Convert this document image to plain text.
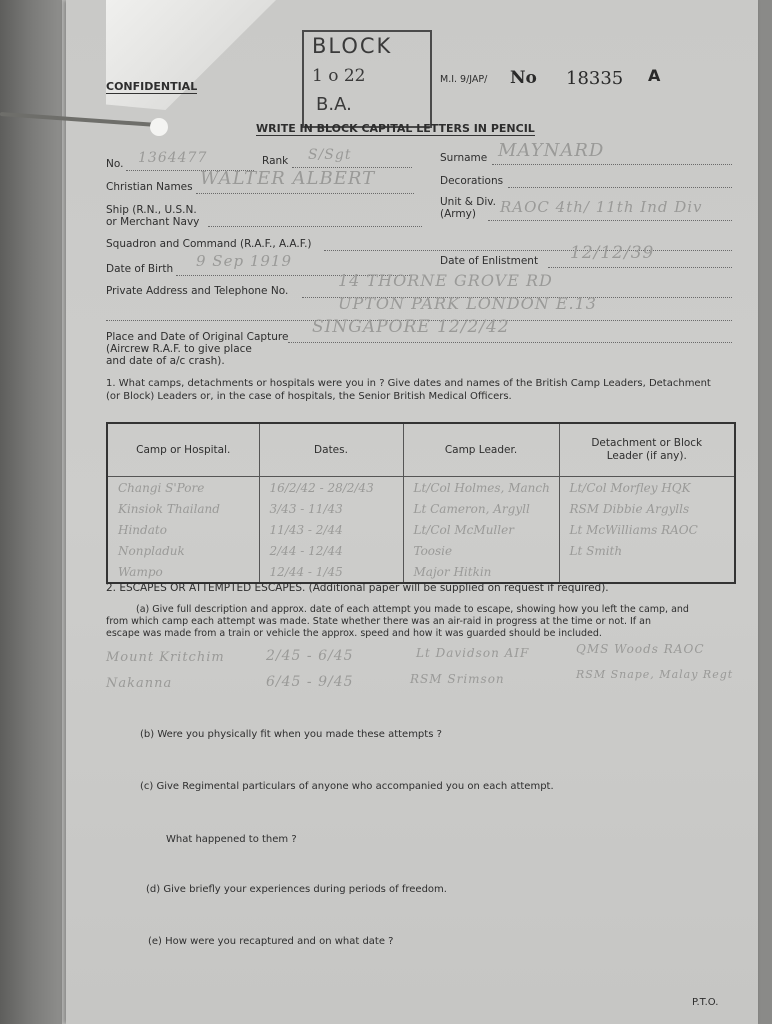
CONFIDENTIAL
BLOCK
1 o 22
B.A.
M.I. 9/JAP/ No 18335 A
WRITE IN BLOCK CAPITAL LETTERS IN PENCIL
No. 1364477	Rank S/Sgt	Surname MAYNARD
Christian Names WALTER ALBERT	Decorations
Ship (R.N., U.S.N.
or Merchant Navy
Unit & Div.
(Army) RAOC 4th/ 11th Ind Div
Squadron and Command (R.A.F., A.A.F.)
Date of Birth 9 Sep 1919	Date of Enlistment 12/12/39
Private Address and Telephone No.
14 THORNE GROVE RD
UPTON PARK LONDON E.13
Place and Date of Original Capture
(Aircrew R.A.F. to give place
and date of a/c crash).
SINGAPORE 12/2/42
1. What camps, detachments or hospitals were you in ? Give dates and names of the British Camp Leaders, Detachment
(or Block) Leaders or, in the case of hospitals, the Senior British Medical Officers.
Camp or Hospital.	Dates.	Camp Leader.	Detachment or Block
Leader (if any).
Changi S'Pore	16/2/42 - 28/2/43	Lt/Col Holmes, Manch	Lt/Col Morfley HQK
Kinsiok Thailand	3/43 - 11/43	Lt Cameron, Argyll	RSM Dibbie Argylls
Hindato	11/43 - 2/44	Lt/Col McMuller	Lt McWilliams RAOC
Nonpladuk	2/44 - 12/44	Toosie	Lt Smith
Wampo	12/44 - 1/45	Major Hitkin	
2. ESCAPES OR ATTEMPTED ESCAPES. (Additional paper will be supplied on request if required).
(a) Give full description and approx. date of each attempt you made to escape, showing how you left the camp, and
from which camp each attempt was made. State whether there was an air-raid in progress at the time or not. If an
escape was made from a train or vehicle the approx. speed and how it was guarded should be included.
Mount Kritchim	2/45 - 6/45	Lt Davidson AIF	QMS Woods RAOC
Nakanna	6/45 - 9/45	RSM Srimson	RSM Snape, Malay Regt
(b) Were you physically fit when you made these attempts ?
(c) Give Regimental particulars of anyone who accompanied you on each attempt.
What happened to them ?
(d) Give briefly your experiences during periods of freedom.
(e) How were you recaptured and on what date ?
P.T.O.
